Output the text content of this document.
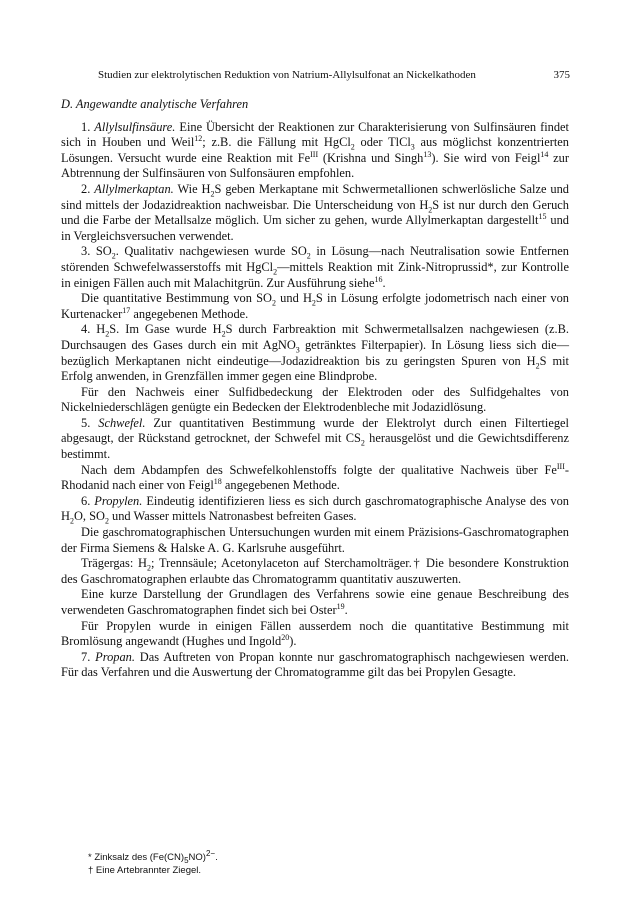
Studien zur elektrolytischen Reduktion von Natrium-Allylsulfonat an Nickelkathoden	375

D. Angewandte analytische Verfahren

1. Allylsulfinsäure. Eine Übersicht der Reaktionen zur Charakterisierung von Sulfinsäuren findet sich in Houben und Weil$^{12}$; z.B. die Fällung mit HgCl$_2$ oder TlCl$_3$ aus möglichst konzentrierten Lösungen. Versucht wurde eine Reaktion mit $Fe^{III}$ (Krishna und Singh$^{13}$). Sie wird von Feigl$^{14}$ zur Abtrennung der Sulfinsäuren von Sulfonsäuren empfohlen.

2. Allylmerkaptan. Wie $H_2S$ geben Merkaptane mit Schwermetallionen schwerlösliche Salze und sind mittels der Jodazidreaktion nachweisbar. Die Unterscheidung von $H_2S$ ist nur durch den Geruch und die Farbe der Metallsalze möglich. Um sicher zu gehen, wurde Allylmerkaptan dargestellt$^{15}$ und in Vergleichsversuchen verwendet.

3. $SO_2$. Qualitativ nachgewiesen wurde $SO_2$ in Lösung—nach Neutralisation sowie Entfernen störenden Schwefelwasserstoffs mit HgCl$_2$—mittels Reaktion mit Zink-Nitroprussid*, zur Kontrolle in einigen Fällen auch mit Malachitgrün. Zur Ausführung siehe$^{16}$.

Die quantitative Bestimmung von $SO_2$ und $H_2S$ in Lösung erfolgte jodometrisch nach einer von Kurtenacker$^{17}$ angegebenen Methode.

4. $H_2S$. Im Gase wurde $H_2S$ durch Farbreaktion mit Schwermetallsalzen nachgewiesen (z.B. Durchsaugen des Gases durch ein mit AgNO$_3$ getränktes Filterpapier). In Lösung liess sich die—bezüglich Merkaptanen nicht eindeutige—Jodazidreaktion bis zu geringsten Spuren von $H_2S$ mit Erfolg anwenden, in Grenzfällen immer gegen eine Blindprobe.

Für den Nachweis einer Sulfidbedeckung der Elektroden oder des Sulfidgehaltes von Nickelniederschlägen genügte ein Bedecken der Elektrodenbleche mit Jodazidlösung.

5. Schwefel. Zur quantitativen Bestimmung wurde der Elektrolyt durch einen Filtertiegel abgesaugt, der Rückstand getrocknet, der Schwefel mit $CS_2$ herausgelöst und die Gewichtsdifferenz bestimmt.

Nach dem Abdampfen des Schwefelkohlenstoffs folgte der qualitative Nachweis über $Fe^{III}$-Rhodanid nach einer von Feigl$^{18}$ angegebenen Methode.

6. Propylen. Eindeutig identifizieren liess es sich durch gaschromatographische Analyse des von $H_2O$, $SO_2$ und Wasser mittels Natronasbest befreiten Gases.

Die gaschromatographischen Untersuchungen wurden mit einem Präzisions-Gaschromatographen der Firma Siemens & Halske A. G. Karlsruhe ausgeführt.

Trägergas: $H_2$; Trennsäule; Acetonylaceton auf Sterchamolträger.† Die besondere Konstruktion des Gaschromatographen erlaubte das Chromatogramm quantitativ auszuwerten.

Eine kurze Darstellung der Grundlagen des Verfahrens sowie eine genaue Beschreibung des verwendeten Gaschromatographen findet sich bei Oster$^{19}$.

Für Propylen wurde in einigen Fällen ausserdem noch die quantitative Bestimmung mit Bromlösung angewandt (Hughes und Ingold$^{20}$).

7. Propan. Das Auftreten von Propan konnte nur gaschromatographisch nachgewiesen werden. Für das Verfahren und die Auswertung der Chromatogramme gilt das bei Propylen Gesagte.

* Zinksalz des $(Fe(CN)_5NO)^{2-}$.

† Eine Artebrannter Ziegel.
